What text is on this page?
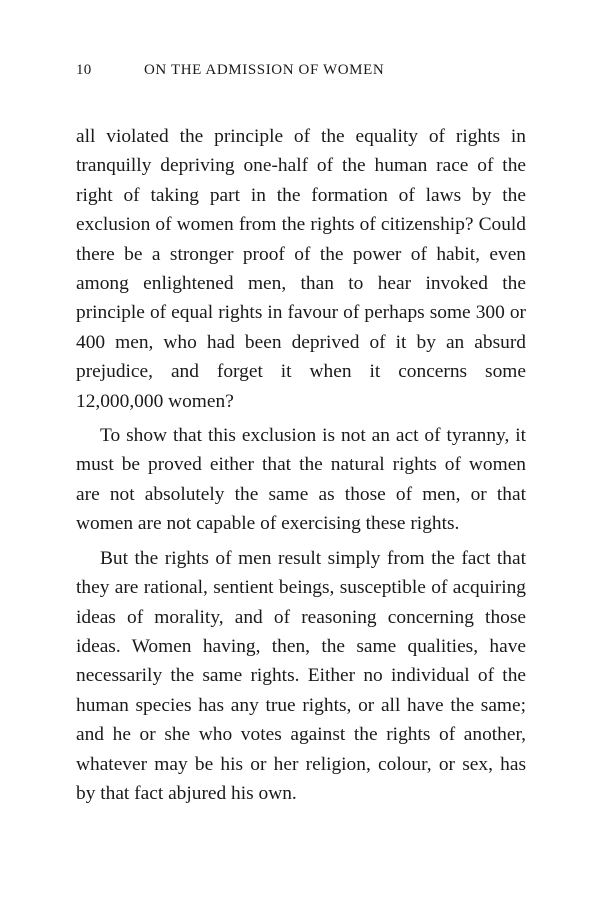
10	ON THE ADMISSION OF WOMEN

all violated the principle of the equality of rights in tranquilly depriving one-half of the human race of the right of taking part in the formation of laws by the exclusion of women from the rights of citizenship? Could there be a stronger proof of the power of habit, even among enlightened men, than to hear invoked the principle of equal rights in favour of perhaps some 300 or 400 men, who had been deprived of it by an absurd prejudice, and forget it when it concerns some 12,000,000 women?

To show that this exclusion is not an act of tyranny, it must be proved either that the natural rights of women are not absolutely the same as those of men, or that women are not capable of exercising these rights.

But the rights of men result simply from the fact that they are rational, sentient beings, susceptible of acquiring ideas of morality, and of reasoning concerning those ideas. Women having, then, the same qualities, have necessarily the same rights. Either no individual of the human species has any true rights, or all have the same; and he or she who votes against the rights of another, whatever may be his or her religion, colour, or sex, has by that fact abjured his own.
